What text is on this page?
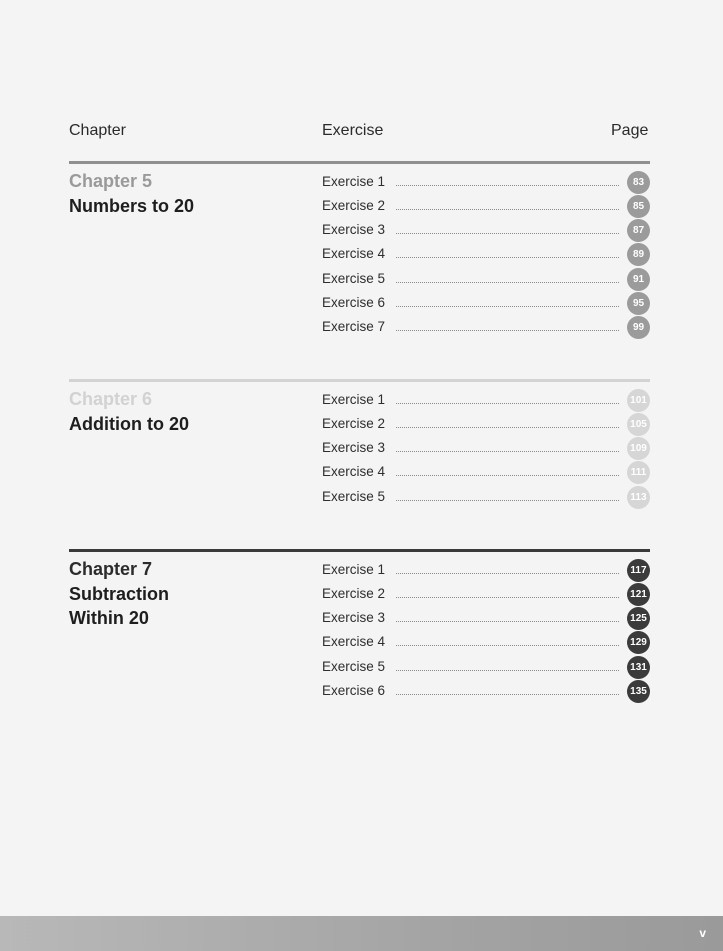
Chapter	Exercise	Page
Chapter 5
Numbers to 20
Exercise 1	83
Exercise 2	85
Exercise 3	87
Exercise 4	89
Exercise 5	91
Exercise 6	95
Exercise 7	99
Chapter 6
Addition to 20
Exercise 1	101
Exercise 2	105
Exercise 3	109
Exercise 4	111
Exercise 5	113
Chapter 7
Subtraction
Within 20
Exercise 1	117
Exercise 2	121
Exercise 3	125
Exercise 4	129
Exercise 5	131
Exercise 6	135
v
